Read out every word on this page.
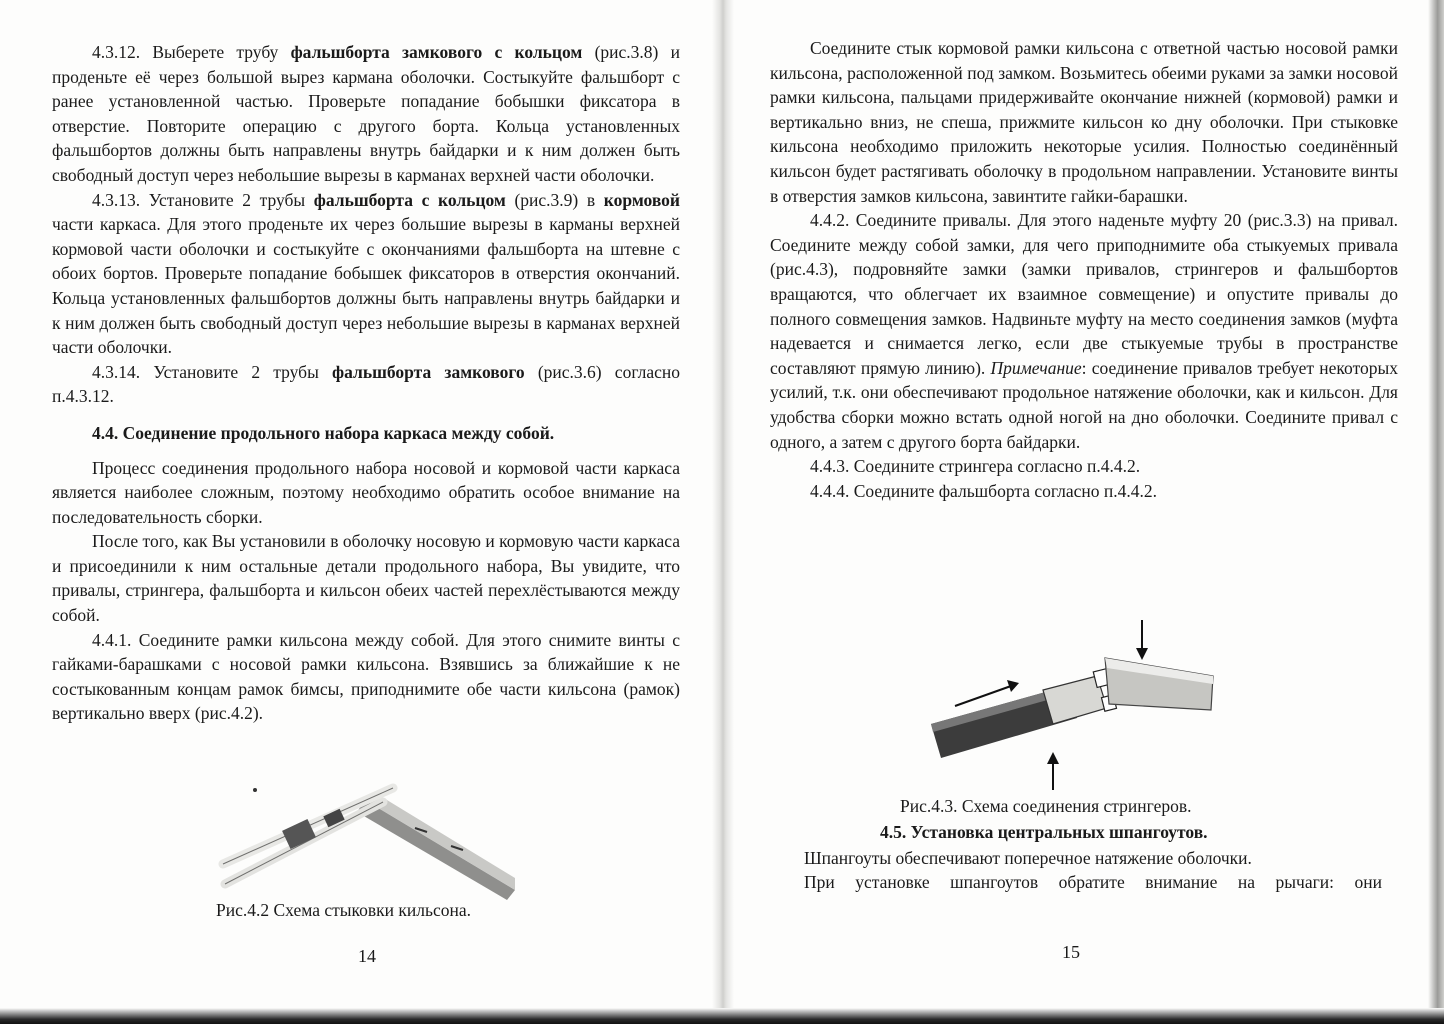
4.3.12. Выберете трубу фальшборта замкового с кольцом (рис.3.8) и проденьте её через большой вырез кармана оболочки. Состыкуйте фальшборт с ранее установленной частью. Проверьте попадание бобышки фиксатора в отверстие. Повторите операцию с другого борта. Кольца установленных фальшбортов должны быть направлены внутрь байдарки и к ним должен быть свободный доступ через небольшие вырезы в карманах верхней части оболочки.

4.3.13. Установите 2 трубы фальшборта с кольцом (рис.3.9) в кормовой части каркаса. Для этого проденьте их через большие вырезы в карманы верхней кормовой части оболочки и состыкуйте с окончаниями фальшборта на штевне с обоих бортов. Проверьте попадание бобышек фиксаторов в отверстия окончаний. Кольца установленных фальшбортов должны быть направлены внутрь байдарки и к ним должен быть свободный доступ через небольшие вырезы в карманах верхней части оболочки.

4.3.14. Установите 2 трубы фальшборта замкового (рис.3.6) согласно п.4.3.12.

4.4. Соединение продольного набора каркаса между собой.

Процесс соединения продольного набора носовой и кормовой части каркаса является наиболее сложным, поэтому необходимо обратить особое внимание на последовательность сборки.

После того, как Вы установили в оболочку носовую и кормовую части каркаса и присоединили к ним остальные детали продольного набора, Вы увидите, что привалы, стрингера, фальшборта и кильсон обеих частей перехлёстываются между собой.

4.4.1. Соедините рамки кильсона между собой. Для этого снимите винты с гайками-барашками с носовой рамки кильсона. Взявшись за ближайшие к не состыкованным концам рамок бимсы, приподнимите обе части кильсона (рамок) вертикально вверх (рис.4.2).

Рис.4.2 Схема стыковки кильсона.
14

Соедините стык кормовой рамки кильсона с ответной частью носовой рамки кильсона, расположенной под замком. Возьмитесь обеими руками за замки носовой рамки кильсона, пальцами придерживайте окончание нижней (кормовой) рамки и вертикально вниз, не спеша, прижмите кильсон ко дну оболочки. При стыковке кильсона необходимо приложить некоторые усилия. Полностью соединённый кильсон будет растягивать оболочку в продольном направлении. Установите винты в отверстия замков кильсона, завинтите гайки-барашки.

4.4.2. Соедините привалы. Для этого наденьте муфту 20 (рис.3.3) на привал. Соедините между собой замки, для чего приподнимите оба стыкуемых привала (рис.4.3), подровняйте замки (замки привалов, стрингеров и фальшбортов вращаются, что облегчает их взаимное совмещение) и опустите привалы до полного совмещения замков. Надвиньте муфту на место соединения замков (муфта надевается и снимается легко, если две стыкуемые трубы в пространстве составляют прямую линию). Примечание: соединение привалов требует некоторых усилий, т.к. они обеспечивают продольное натяжение оболочки, как и кильсон. Для удобства сборки можно встать одной ногой на дно оболочки. Соедините привал с одного, а затем с другого борта байдарки.

4.4.3. Соедините стрингера согласно п.4.4.2.

4.4.4. Соедините фальшборта согласно п.4.4.2.

Рис.4.3. Схема соединения стрингеров.
4.5. Установка центральных шпангоутов.
Шпангоуты обеспечивают поперечное натяжение оболочки.
При установке шпангоутов обратите внимание на рычаги: они
15
